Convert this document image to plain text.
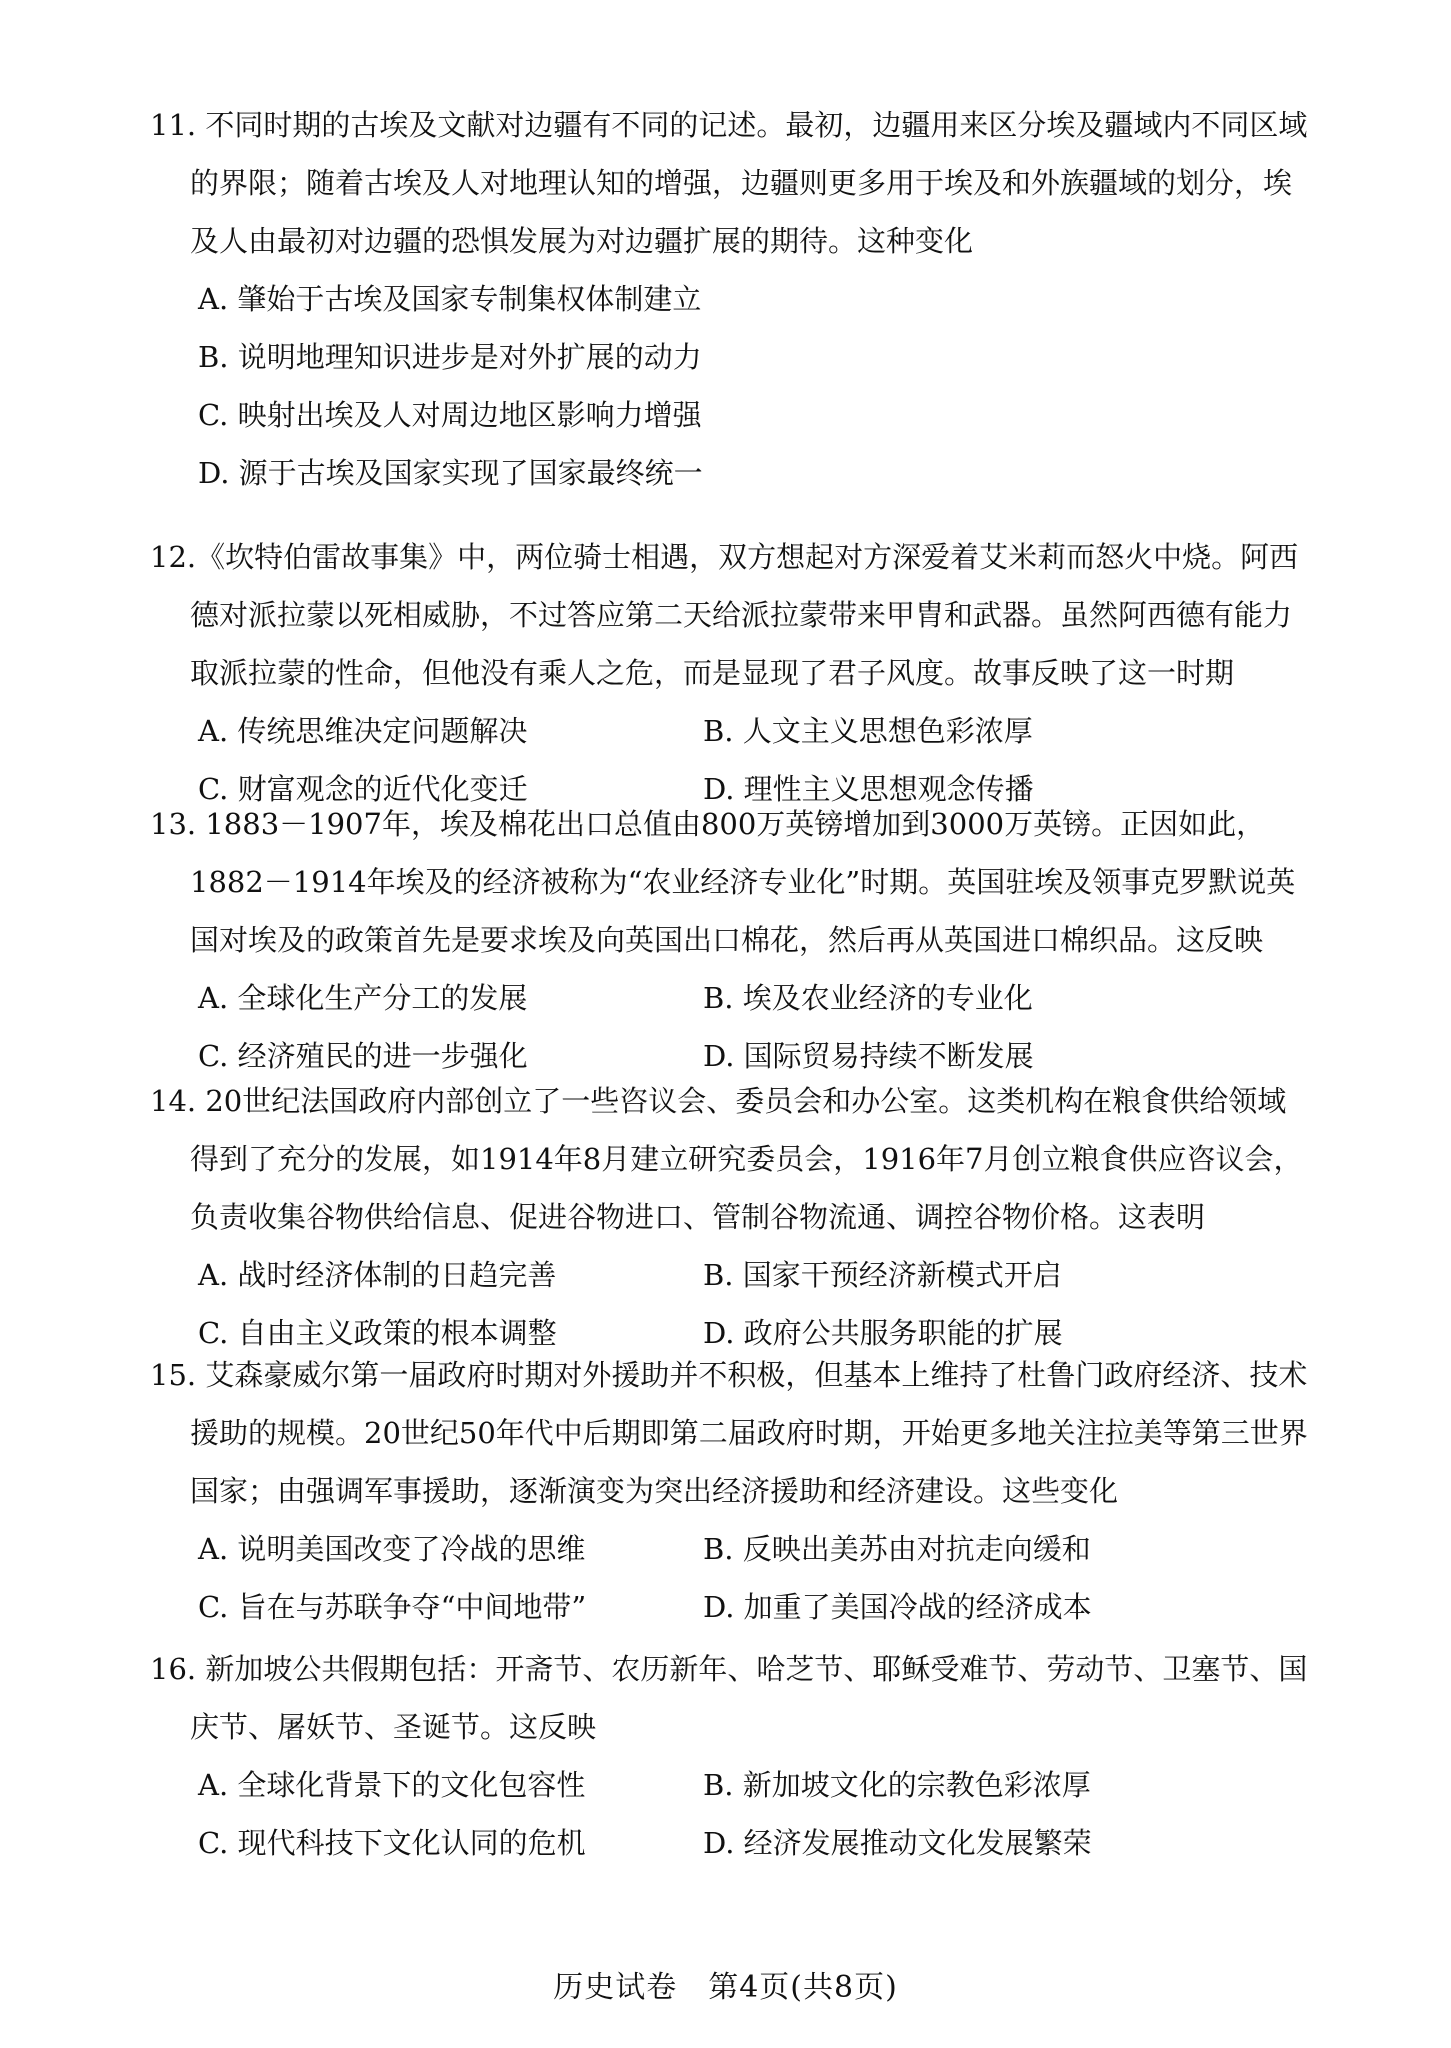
11. 不同时期的古埃及文献对边疆有不同的记述。最初，边疆用来区分埃及疆域内不同区域的界限；随着古埃及人对地理认知的增强，边疆则更多用于埃及和外族疆域的划分，埃及人由最初对边疆的恐惧发展为对边疆扩展的期待。这种变化

A. 肇始于古埃及国家专制集权体制建立
B. 说明地理知识进步是对外扩展的动力
C. 映射出埃及人对周边地区影响力增强
D. 源于古埃及国家实现了国家最终统一

12.《坎特伯雷故事集》中，两位骑士相遇，双方想起对方深爱着艾米莉而怒火中烧。阿西德对派拉蒙以死相威胁，不过答应第二天给派拉蒙带来甲胄和武器。虽然阿西德有能力取派拉蒙的性命，但他没有乘人之危，而是显现了君子风度。故事反映了这一时期

A. 传统思维决定问题解决	B. 人文主义思想色彩浓厚
C. 财富观念的近代化变迁	D. 理性主义思想观念传播

13. 1883－1907年，埃及棉花出口总值由800万英镑增加到3000万英镑。正因如此，1882－1914年埃及的经济被称为“农业经济专业化”时期。英国驻埃及领事克罗默说英国对埃及的政策首先是要求埃及向英国出口棉花，然后再从英国进口棉织品。这反映

A. 全球化生产分工的发展	B. 埃及农业经济的专业化
C. 经济殖民的进一步强化	D. 国际贸易持续不断发展

14. 20世纪法国政府内部创立了一些咨议会、委员会和办公室。这类机构在粮食供给领域得到了充分的发展，如1914年8月建立研究委员会，1916年7月创立粮食供应咨议会，负责收集谷物供给信息、促进谷物进口、管制谷物流通、调控谷物价格。这表明

A. 战时经济体制的日趋完善	B. 国家干预经济新模式开启
C. 自由主义政策的根本调整	D. 政府公共服务职能的扩展

15. 艾森豪威尔第一届政府时期对外援助并不积极，但基本上维持了杜鲁门政府经济、技术援助的规模。20世纪50年代中后期即第二届政府时期，开始更多地关注拉美等第三世界国家；由强调军事援助，逐渐演变为突出经济援助和经济建设。这些变化

A. 说明美国改变了冷战的思维	B. 反映出美苏由对抗走向缓和
C. 旨在与苏联争夺“中间地带”	D. 加重了美国冷战的经济成本

16. 新加坡公共假期包括：开斋节、农历新年、哈芝节、耶稣受难节、劳动节、卫塞节、国庆节、屠妖节、圣诞节。这反映

A. 全球化背景下的文化包容性	B. 新加坡文化的宗教色彩浓厚
C. 现代科技下文化认同的危机	D. 经济发展推动文化发展繁荣
历史试卷　第4页(共8页)
